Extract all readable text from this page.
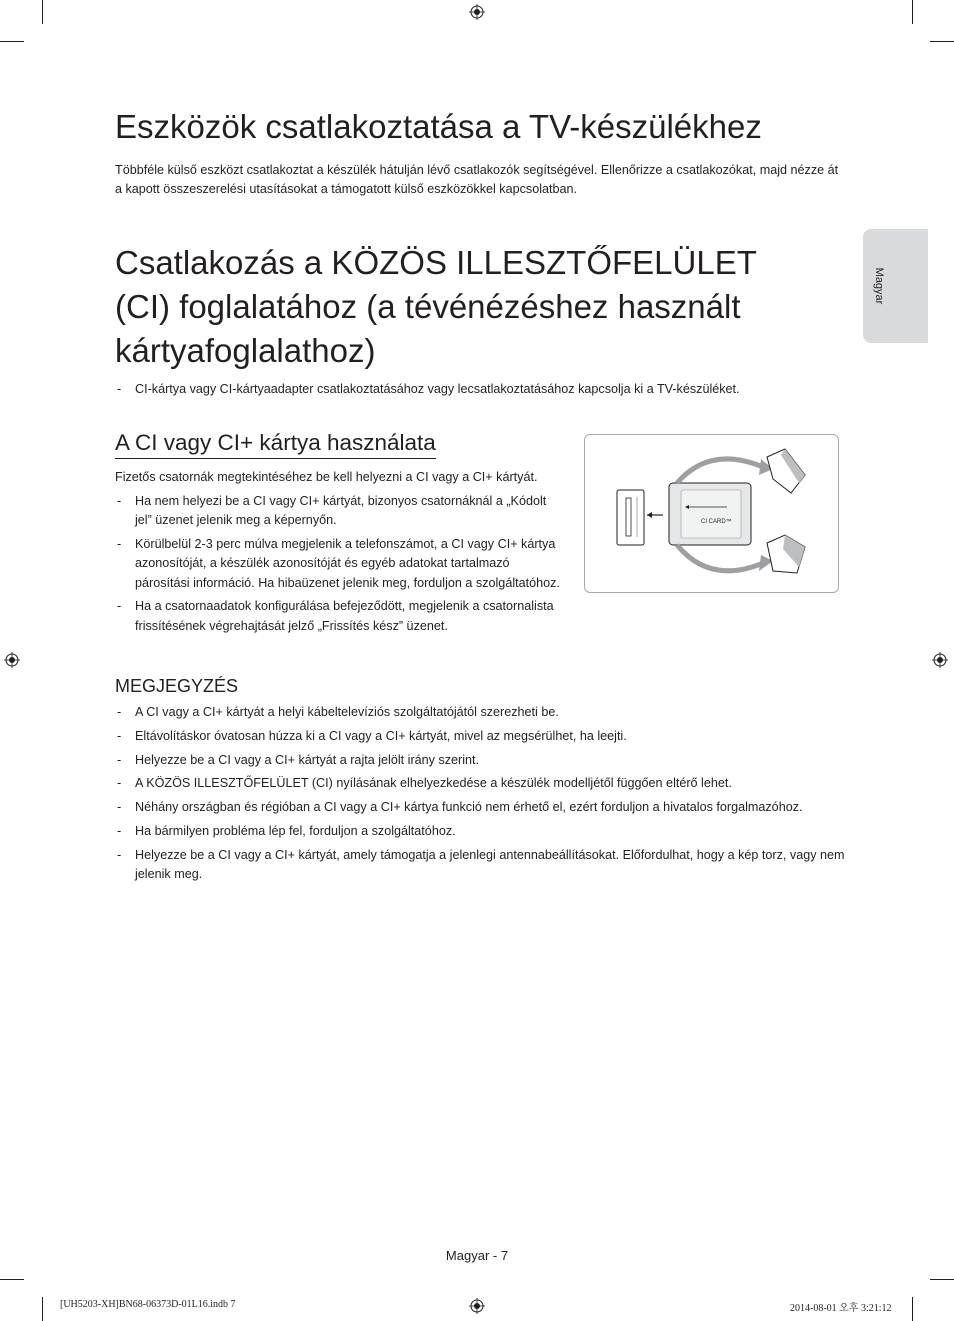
Magyar
Eszközök csatlakoztatása a TV-készülékhez
Többféle külső eszközt csatlakoztat a készülék hátulján lévő csatlakozók segítségével. Ellenőrizze a csatlakozókat, majd nézze át a kapott összeszerelési utasításokat a támogatott külső eszközökkel kapcsolatban.
Csatlakozás a KÖZÖS ILLESZTŐFELÜLET
(CI) foglalatához (a tévénézéshez használt
kártyafoglalathoz)
- CI-kártya vagy CI-kártyaadapter csatlakoztatásához vagy lecsatlakoztatásához kapcsolja ki a TV-készüléket.
A CI vagy CI+ kártya használata
Fizetős csatornák megtekintéséhez be kell helyezni a CI vagy a CI+ kártyát.
- Ha nem helyezi be a CI vagy CI+ kártyát, bizonyos csatornáknál a „Kódolt jel” üzenet jelenik meg a képernyőn.
- Körülbelül 2-3 perc múlva megjelenik a telefonszámot, a CI vagy CI+ kártya azonosítóját, a készülék azonosítóját és egyéb adatokat tartalmazó párosítási információ. Ha hibaüzenet jelenik meg, forduljon a szolgáltatóhoz.
- Ha a csatornaadatok konfigurálása befejeződött, megjelenik a csatornalista frissítésének végrehajtását jelző „Frissítés kész” üzenet.
CI CARD™
MEGJEGYZÉS
- A CI vagy a CI+ kártyát a helyi kábeltelevíziós szolgáltatójától szerezheti be.
- Eltávolításkor óvatosan húzza ki a CI vagy a CI+ kártyát, mivel az megsérülhet, ha leejti.
- Helyezze be a CI vagy a CI+ kártyát a rajta jelölt irány szerint.
- A KÖZÖS ILLESZTŐFELÜLET (CI) nyílásának elhelyezkedése a készülék modelljétől függően eltérő lehet.
- Néhány országban és régióban a CI vagy a CI+ kártya funkció nem érhető el, ezért forduljon a hivatalos forgalmazóhoz.
- Ha bármilyen probléma lép fel, forduljon a szolgáltatóhoz.
- Helyezze be a CI vagy a CI+ kártyát, amely támogatja a jelenlegi antennabeállításokat. Előfordulhat, hogy a kép torz, vagy nem jelenik meg.
Magyar - 7
[UH5203-XH]BN68-06373D-01L16.indb 7	2014-08-01 오후 3:21:12
